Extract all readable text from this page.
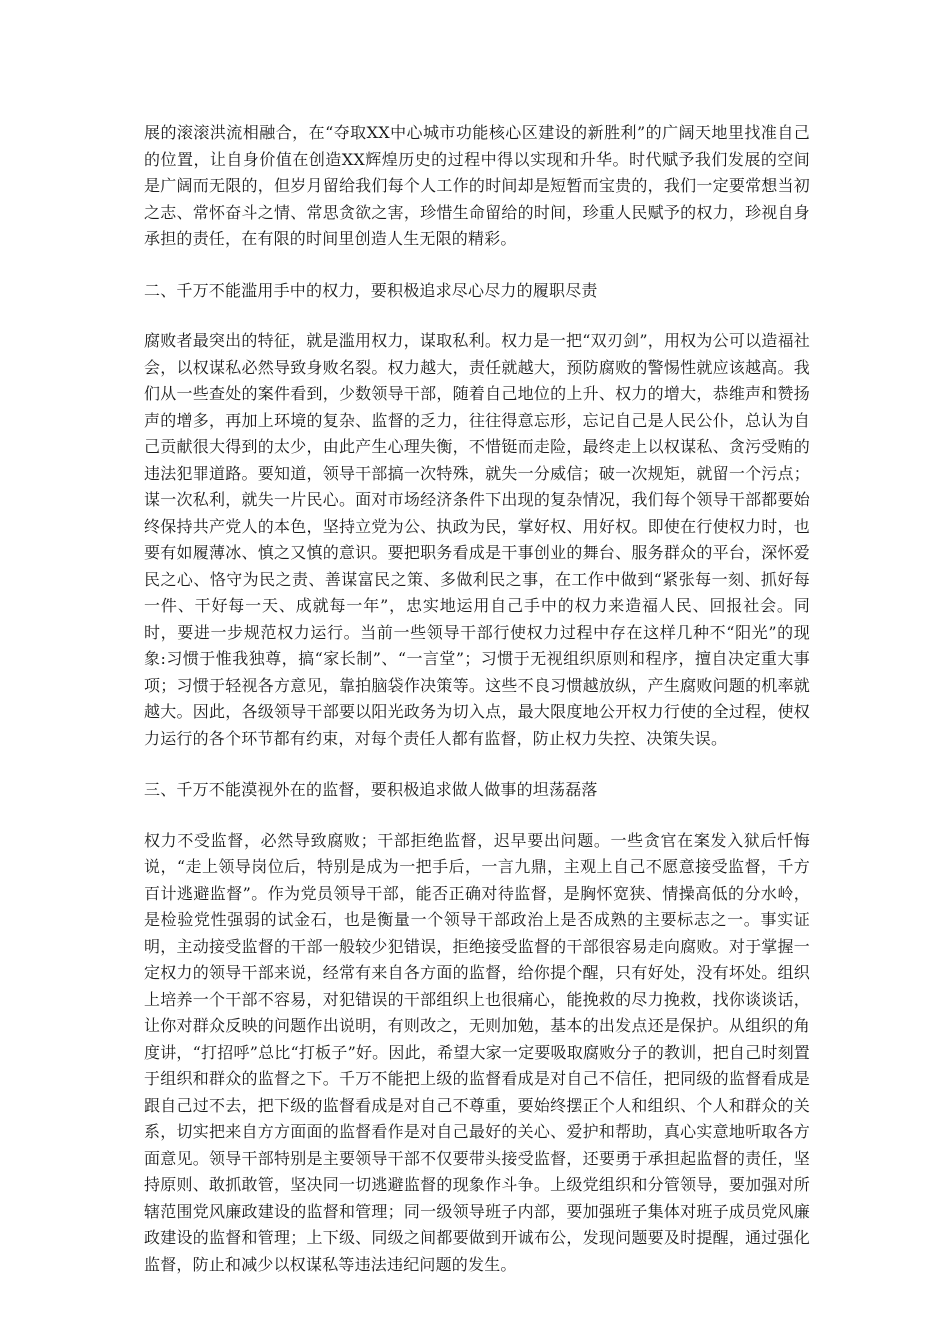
展的滚滚洪流相融合，在“夺取XX中心城市功能核心区建设的新胜利”的广阔天地里找准自己的位置，让自身价值在创造XX辉煌历史的过程中得以实现和升华。时代赋予我们发展的空间是广阔而无限的，但岁月留给我们每个人工作的时间却是短暂而宝贵的，我们一定要常想当初之志、常怀奋斗之情、常思贪欲之害，珍惜生命留给的时间，珍重人民赋予的权力，珍视自身承担的责任，在有限的时间里创造人生无限的精彩。

二、千万不能滥用手中的权力，要积极追求尽心尽力的履职尽责

腐败者最突出的特征，就是滥用权力，谋取私利。权力是一把“双刃剑”，用权为公可以造福社会，以权谋私必然导致身败名裂。权力越大，责任就越大，预防腐败的警惕性就应该越高。我们从一些查处的案件看到，少数领导干部，随着自己地位的上升、权力的增大，恭维声和赞扬声的增多，再加上环境的复杂、监督的乏力，往往得意忘形，忘记自己是人民公仆，总认为自己贡献很大得到的太少，由此产生心理失衡，不惜铤而走险，最终走上以权谋私、贪污受贿的违法犯罪道路。要知道，领导干部搞一次特殊，就失一分威信；破一次规矩，就留一个污点；谋一次私利，就失一片民心。面对市场经济条件下出现的复杂情况，我们每个领导干部都要始终保持共产党人的本色，坚持立党为公、执政为民，掌好权、用好权。即使在行使权力时，也要有如履薄冰、慎之又慎的意识。要把职务看成是干事创业的舞台、服务群众的平台，深怀爱民之心、恪守为民之责、善谋富民之策、多做利民之事，在工作中做到“紧张每一刻、抓好每一件、干好每一天、成就每一年”，忠实地运用自己手中的权力来造福人民、回报社会。同时，要进一步规范权力运行。当前一些领导干部行使权力过程中存在这样几种不“阳光”的现象:习惯于惟我独尊，搞“家长制”、“一言堂”；习惯于无视组织原则和程序，擅自决定重大事项；习惯于轻视各方意见，靠拍脑袋作决策等。这些不良习惯越放纵，产生腐败问题的机率就越大。因此，各级领导干部要以阳光政务为切入点，最大限度地公开权力行使的全过程，使权力运行的各个环节都有约束，对每个责任人都有监督，防止权力失控、决策失误。

三、千万不能漠视外在的监督，要积极追求做人做事的坦荡磊落

权力不受监督，必然导致腐败；干部拒绝监督，迟早要出问题。一些贪官在案发入狱后忏悔说，“走上领导岗位后，特别是成为一把手后，一言九鼎，主观上自己不愿意接受监督，千方百计逃避监督”。作为党员领导干部，能否正确对待监督，是胸怀宽狭、情操高低的分水岭，是检验党性强弱的试金石，也是衡量一个领导干部政治上是否成熟的主要标志之一。事实证明，主动接受监督的干部一般较少犯错误，拒绝接受监督的干部很容易走向腐败。对于掌握一定权力的领导干部来说，经常有来自各方面的监督，给你提个醒，只有好处，没有坏处。组织上培养一个干部不容易，对犯错误的干部组织上也很痛心，能挽救的尽力挽救，找你谈谈话，让你对群众反映的问题作出说明，有则改之，无则加勉，基本的出发点还是保护。从组织的角度讲，“打招呼”总比“打板子”好。因此，希望大家一定要吸取腐败分子的教训，把自己时刻置于组织和群众的监督之下。千万不能把上级的监督看成是对自己不信任，把同级的监督看成是跟自己过不去，把下级的监督看成是对自己不尊重，要始终摆正个人和组织、个人和群众的关系，切实把来自方方面面的监督看作是对自己最好的关心、爱护和帮助，真心实意地听取各方面意见。领导干部特别是主要领导干部不仅要带头接受监督，还要勇于承担起监督的责任，坚持原则、敢抓敢管，坚决同一切逃避监督的现象作斗争。上级党组织和分管领导，要加强对所辖范围党风廉政建设的监督和管理；同一级领导班子内部，要加强班子集体对班子成员党风廉政建设的监督和管理；上下级、同级之间都要做到开诚布公，发现问题要及时提醒，通过强化监督，防止和减少以权谋私等违法违纪问题的发生。
